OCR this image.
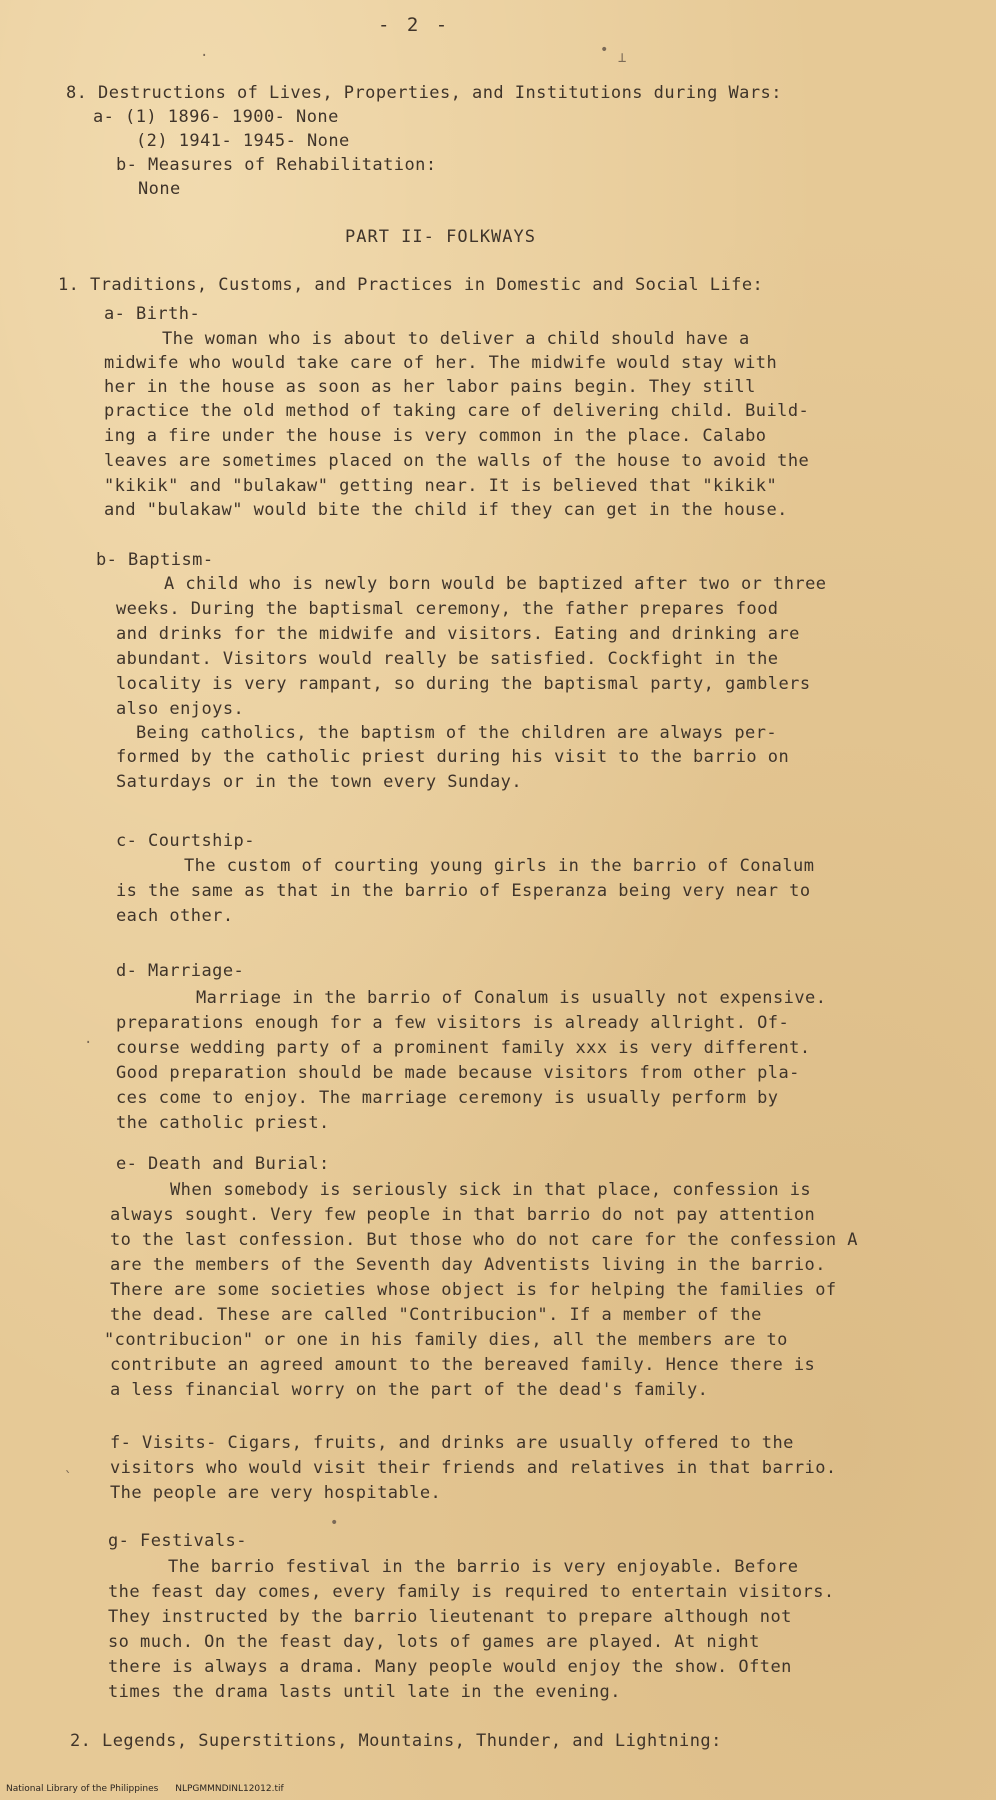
- 2 -
8. Destructions of Lives, Properties, and Institutions during Wars:
a- (1) 1896- 1900- None
(2) 1941- 1945- None
b- Measures of Rehabilitation:
None
PART II- FOLKWAYS
1. Traditions, Customs, and Practices in Domestic and Social Life:
a- Birth-
The woman who is about to deliver a child should have a
midwife who would take care of her. The midwife would stay with
her in the house as soon as her labor pains begin. They still
practice the old method of taking care of delivering child. Build-
ing a fire under the house is very common in the place. Calabo
leaves are sometimes placed on the walls of the house to avoid the
"kikik" and "bulakaw" getting near. It is believed that "kikik"
and "bulakaw" would bite the child if they can get in the house.
b- Baptism-
A child who is newly born would be baptized after two or three
weeks. During the baptismal ceremony, the father prepares food
and drinks for the midwife and visitors. Eating and drinking are
abundant. Visitors would really be satisfied. Cockfight in the
locality is very rampant, so during the baptismal party, gamblers
also enjoys.
Being catholics, the baptism of the children are always per-
formed by the catholic priest during his visit to the barrio on
Saturdays or in the town every Sunday.
c- Courtship-
The custom of courting young girls in the barrio of Conalum
is the same as that in the barrio of Esperanza being very near to
each other.
d- Marriage-
Marriage in the barrio of Conalum is usually not expensive.
preparations enough for a few visitors is already allright. Of-
course wedding party of a prominent family xxx is very different.
Good preparation should be made because visitors from other pla-
ces come to enjoy. The marriage ceremony is usually perform by
the catholic priest.
e- Death and Burial:
When somebody is seriously sick in that place, confession is
always sought. Very few people in that barrio do not pay attention
to the last confession. But those who do not care for the confession A
are the members of the Seventh day Adventists living in the barrio.
There are some societies whose object is for helping the families of
the dead. These are called "Contribucion". If a member of the
"contribucion" or one in his family dies, all the members are to
contribute an agreed amount to the bereaved family. Hence there is
a less financial worry on the part of the dead's family.
f- Visits- Cigars, fruits, and drinks are usually offered to the
visitors who would visit their friends and relatives in that barrio.
The people are very hospitable.
g- Festivals-
The barrio festival in the barrio is very enjoyable. Before
the feast day comes, every family is required to entertain visitors.
They instructed by the barrio lieutenant to prepare although not
so much. On the feast day, lots of games are played. At night
there is always a drama. Many people would enjoy the show. Often
times the drama lasts until late in the evening.
2. Legends, Superstitions, Mountains, Thunder, and Lightning:
• ⊥
·
•
·
`
National Library of the Philippines NLPGMMNDINL12012.tif
